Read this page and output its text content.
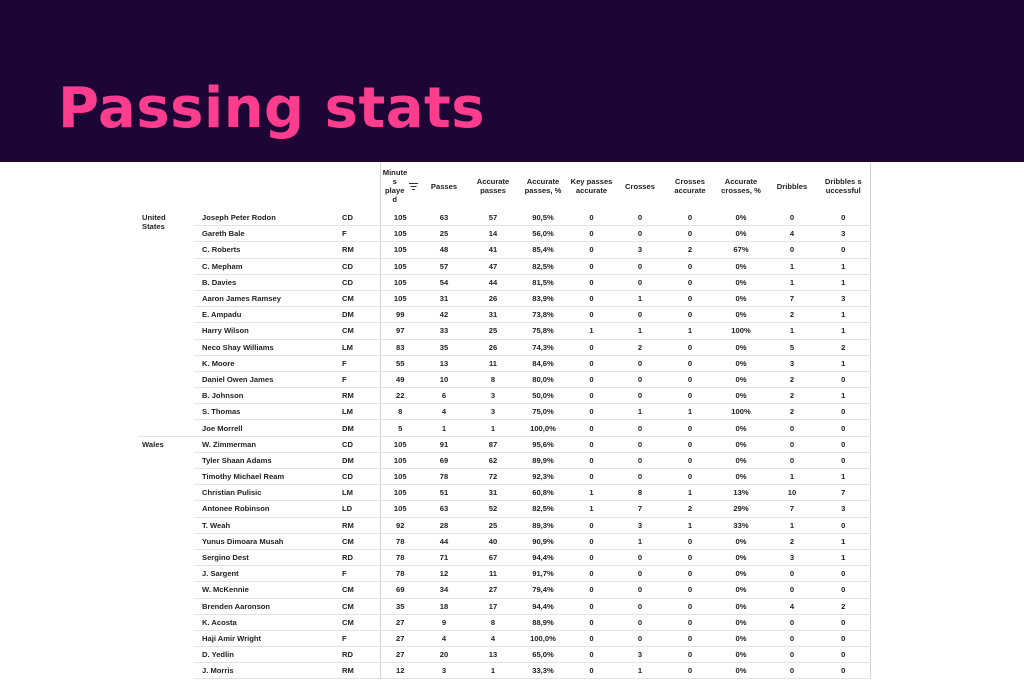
Passing stats

			Minute s playe d	Passes	Accurate passes	Accurate passes, %	Key passes accurate	Crosses	Crosses accurate	Accurate crosses, %	Dribbles	Dribbles s uccessful
United States	Joseph Peter Rodon	CD	105	63	57	90,5%	0	0	0	0%	0	0
	Gareth Bale	F	105	25	14	56,0%	0	0	0	0%	4	3
	C. Roberts	RM	105	48	41	85,4%	0	3	2	67%	0	0
	C. Mepham	CD	105	57	47	82,5%	0	0	0	0%	1	1
	B. Davies	CD	105	54	44	81,5%	0	0	0	0%	1	1
	Aaron James Ramsey	CM	105	31	26	83,9%	0	1	0	0%	7	3
	E. Ampadu	DM	99	42	31	73,8%	0	0	0	0%	2	1
	Harry Wilson	CM	97	33	25	75,8%	1	1	1	100%	1	1
	Neco Shay Williams	LM	83	35	26	74,3%	0	2	0	0%	5	2
	K. Moore	F	55	13	11	84,6%	0	0	0	0%	3	1
	Daniel Owen James	F	49	10	8	80,0%	0	0	0	0%	2	0
	B. Johnson	RM	22	6	3	50,0%	0	0	0	0%	2	1
	S. Thomas	LM	8	4	3	75,0%	0	1	1	100%	2	0
	Joe Morrell	DM	5	1	1	100,0%	0	0	0	0%	0	0
Wales	W. Zimmerman	CD	105	91	87	95,6%	0	0	0	0%	0	0
	Tyler Shaan Adams	DM	105	69	62	89,9%	0	0	0	0%	0	0
	Timothy Michael Ream	CD	105	78	72	92,3%	0	0	0	0%	1	1
	Christian Pulisic	LM	105	51	31	60,8%	1	8	1	13%	10	7
	Antonee Robinson	LD	105	63	52	82,5%	1	7	2	29%	7	3
	T. Weah	RM	92	28	25	89,3%	0	3	1	33%	1	0
	Yunus Dimoara Musah	CM	78	44	40	90,9%	0	1	0	0%	2	1
	Sergino Dest	RD	78	71	67	94,4%	0	0	0	0%	3	1
	J. Sargent	F	78	12	11	91,7%	0	0	0	0%	0	0
	W. McKennie	CM	69	34	27	79,4%	0	0	0	0%	0	0
	Brenden Aaronson	CM	35	18	17	94,4%	0	0	0	0%	4	2
	K. Acosta	CM	27	9	8	88,9%	0	0	0	0%	0	0
	Haji Amir Wright	F	27	4	4	100,0%	0	0	0	0%	0	0
	D. Yedlin	RD	27	20	13	65,0%	0	3	0	0%	0	0
	J. Morris	RM	12	3	1	33,3%	0	1	0	0%	0	0
